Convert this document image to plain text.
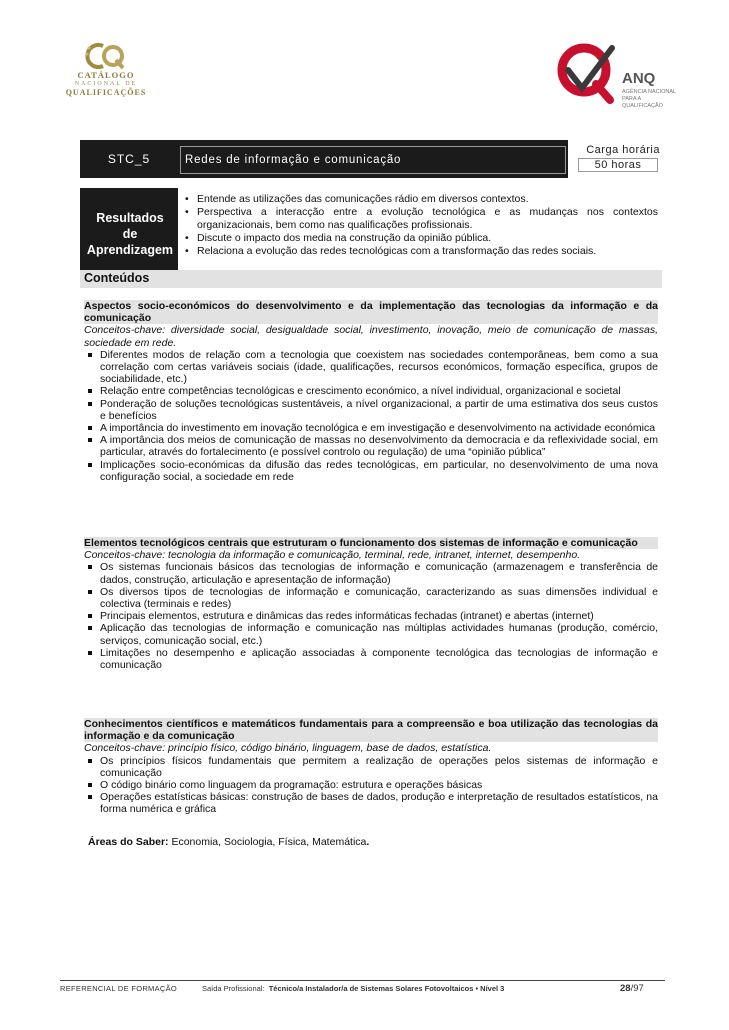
CATÁLOGO
NACIONAL DE
QUALIFICAÇÕES
ANQ
AGÊNCIA NACIONAL PARA A QUALIFICAÇÃO
STC_5	Redes de informação e comunicação
Carga horária
50 horas
Resultados
de
Aprendizagem
• Entende as utilizações das comunicações rádio em diversos contextos.
• Perspectiva a interacção entre a evolução tecnológica e as mudanças nos contextos organizacionais, bem como nas qualificações profissionais.
• Discute o impacto dos media na construção da opinião pública.
• Relaciona a evolução das redes tecnológicas com a transformação das redes sociais.
Conteúdos
Aspectos socio-económicos do desenvolvimento e da implementação das tecnologias da informação e da comunicação
Conceitos-chave: diversidade social, desigualdade social, investimento, inovação, meio de comunicação de massas, sociedade em rede.
Diferentes modos de relação com a tecnologia que coexistem nas sociedades contemporâneas, bem como a sua correlação com certas variáveis sociais (idade, qualificações, recursos económicos, formação específica, grupos de sociabilidade, etc.)
Relação entre competências tecnológicas e crescimento económico, a nível individual, organizacional e societal
Ponderação de soluções tecnológicas sustentáveis, a nível organizacional, a partir de uma estimativa dos seus custos e benefícios
A importância do investimento em inovação tecnológica e em investigação e desenvolvimento na actividade económica
A importância dos meios de comunicação de massas no desenvolvimento da democracia e da reflexividade social, em particular, através do fortalecimento (e possível controlo ou regulação) de uma “opinião pública”
Implicações socio-económicas da difusão das redes tecnológicas, em particular, no desenvolvimento de uma nova configuração social, a sociedade em rede
Elementos tecnológicos centrais que estruturam o funcionamento dos sistemas de informação e comunicação
Conceitos-chave: tecnologia da informação e comunicação, terminal, rede, intranet, internet, desempenho.
Os sistemas funcionais básicos das tecnologias de informação e comunicação (armazenagem e transferência de dados, construção, articulação e apresentação de informação)
Os diversos tipos de tecnologias de informação e comunicação, caracterizando as suas dimensões individual e colectiva (terminais e redes)
Principais elementos, estrutura e dinâmicas das redes informáticas fechadas (intranet) e abertas (internet)
Aplicação das tecnologias de informação e comunicação nas múltiplas actividades humanas (produção, comércio, serviços, comunicação social, etc.)
Limitações no desempenho e aplicação associadas à componente tecnológica das tecnologias de informação e comunicação
Conhecimentos científicos e matemáticos fundamentais para a compreensão e boa utilização das tecnologias da informação e da comunicação
Conceitos-chave: princípio físico, código binário, linguagem, base de dados, estatística.
Os princípios físicos fundamentais que permitem a realização de operações pelos sistemas de informação e comunicação
O código binário como linguagem da programação: estrutura e operações básicas
Operações estatísticas básicas: construção de bases de dados, produção e interpretação de resultados estatísticos, na forma numérica e gráfica
Áreas do Saber: Economia, Sociologia, Física, Matemática.
REFERENCIAL DE FORMAÇÃO	Saída Profissional: Técnico/a Instalador/a de Sistemas Solares Fotovoltaicos • Nível 3	28/97
